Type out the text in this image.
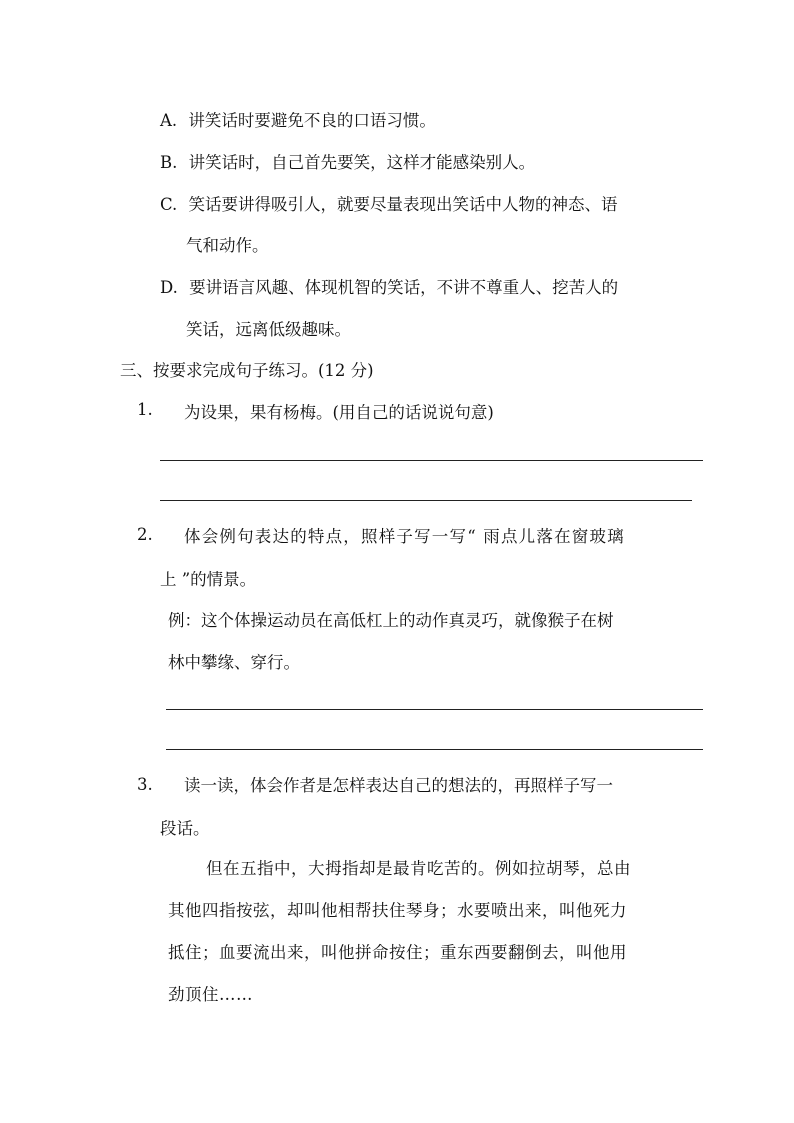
A. 讲笑话时要避免不良的口语习惯。
B. 讲笑话时，自己首先要笑，这样才能感染别人。
C. 笑话要讲得吸引人，就要尽量表现出笑话中人物的神态、语
气和动作。
D. 要讲语言风趣、体现机智的笑话，不讲不尊重人、挖苦人的
笑话，远离低级趣味。
三、按要求完成句子练习。(12 分)
1. 为设果，果有杨梅。(用自己的话说说句意)
2. 体会例句表达的特点，照样子写一写“ 雨点儿落在窗玻璃
上 ”的情景。
例：这个体操运动员在高低杠上的动作真灵巧，就像猴子在树
林中攀缘、穿行。
3. 读一读，体会作者是怎样表达自己的想法的，再照样子写一
段话。
但在五指中，大拇指却是最肯吃苦的。例如拉胡琴，总由
其他四指按弦，却叫他相帮扶住琴身；水要喷出来，叫他死力
抵住；血要流出来，叫他拼命按住；重东西要翻倒去，叫他用
劲顶住……
